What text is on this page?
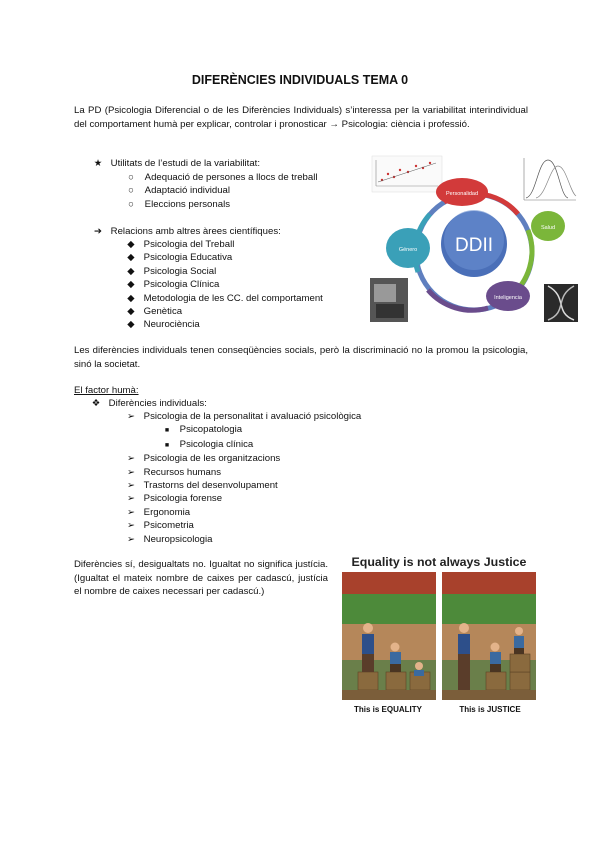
DIFERÈNCIES INDIVIDUALS TEMA 0
La PD (Psicologia Diferencial o de les Diferències Individuals) s’interessa per la variabilitat interindividual del comportament humà per explicar, controlar i pronosticar → Psicologia: ciència i professió.
★ Utilitats de l’estudi de la variabilitat:
○ Adequació de persones a llocs de treball
○ Adaptació individual
○ Eleccions personals
➔ Relacions amb altres àrees científiques:
◆ Psicologia del Treball
◆ Psicologia Educativa
◆ Psicologia Social
◆ Psicologia Clínica
◆ Metodologia de les CC. del comportament
◆ Genètica
◆ Neurociència
DDII
Personalidad
Salud
Inteligencia
Género
Les diferències individuals tenen conseqüències socials, però la discriminació no la promou la psicologia, sinó la societat.
El factor humà:
❖ Diferències individuals:
➢ Psicologia de la personalitat i avaluació psicològica
■ Psicopatologia
■ Psicologia clínica
➢ Psicologia de les organitzacions
➢ Recursos humans
➢ Trastorns del desenvolupament
➢ Psicologia forense
➢ Ergonomia
➢ Psicometria
➢ Neuropsicologia
Diferències sí, desigualtats no. Igualtat no significa justícia. (Igualtat el mateix nombre de caixes per cadascú, justícia el nombre de caixes necessari per cadascú.)
Equality is not always Justice
This is EQUALITY	This is JUSTICE
